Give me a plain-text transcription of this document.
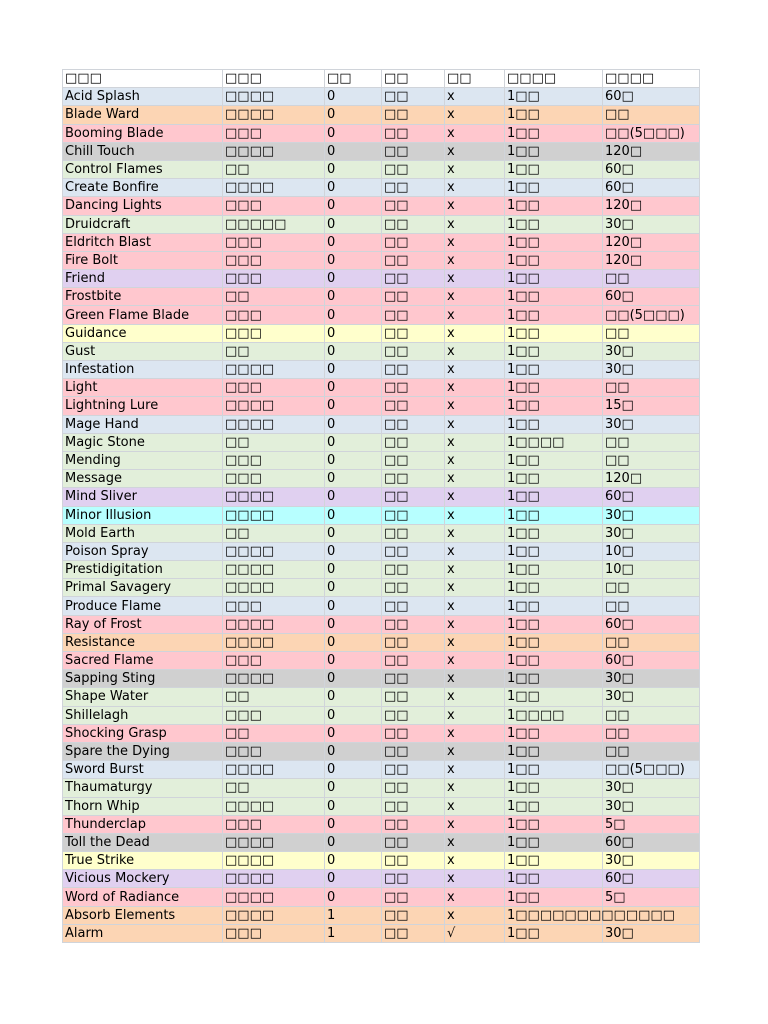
□□□	□□□	□□	□□	□□	□□□□	□□□□
Acid Splash	□□□□	0	□□	x	1□□	60□
Blade Ward	□□□□	0	□□	x	1□□	□□
Booming Blade	□□□	0	□□	x	1□□	□□(5□□□)
Chill Touch	□□□□	0	□□	x	1□□	120□
Control Flames	□□	0	□□	x	1□□	60□
Create Bonfire	□□□□	0	□□	x	1□□	60□
Dancing Lights	□□□	0	□□	x	1□□	120□
Druidcraft	□□□□□	0	□□	x	1□□	30□
Eldritch Blast	□□□	0	□□	x	1□□	120□
Fire Bolt	□□□	0	□□	x	1□□	120□
Friend	□□□	0	□□	x	1□□	□□
Frostbite	□□	0	□□	x	1□□	60□
Green Flame Blade	□□□	0	□□	x	1□□	□□(5□□□)
Guidance	□□□	0	□□	x	1□□	□□
Gust	□□	0	□□	x	1□□	30□
Infestation	□□□□	0	□□	x	1□□	30□
Light	□□□	0	□□	x	1□□	□□
Lightning Lure	□□□□	0	□□	x	1□□	15□
Mage Hand	□□□□	0	□□	x	1□□	30□
Magic Stone	□□	0	□□	x	1□□□□	□□
Mending	□□□	0	□□	x	1□□	□□
Message	□□□	0	□□	x	1□□	120□
Mind Sliver	□□□□	0	□□	x	1□□	60□
Minor Illusion	□□□□	0	□□	x	1□□	30□
Mold Earth	□□	0	□□	x	1□□	30□
Poison Spray	□□□□	0	□□	x	1□□	10□
Prestidigitation	□□□□	0	□□	x	1□□	10□
Primal Savagery	□□□□	0	□□	x	1□□	□□
Produce Flame	□□□	0	□□	x	1□□	□□
Ray of Frost	□□□□	0	□□	x	1□□	60□
Resistance	□□□□	0	□□	x	1□□	□□
Sacred Flame	□□□	0	□□	x	1□□	60□
Sapping Sting	□□□□	0	□□	x	1□□	30□
Shape Water	□□	0	□□	x	1□□	30□
Shillelagh	□□□	0	□□	x	1□□□□	□□
Shocking Grasp	□□	0	□□	x	1□□	□□
Spare the Dying	□□□	0	□□	x	1□□	□□
Sword Burst	□□□□	0	□□	x	1□□	□□(5□□□)
Thaumaturgy	□□	0	□□	x	1□□	30□
Thorn Whip	□□□□	0	□□	x	1□□	30□
Thunderclap	□□□	0	□□	x	1□□	5□
Toll the Dead	□□□□	0	□□	x	1□□	60□
True Strike	□□□□	0	□□	x	1□□	30□
Vicious Mockery	□□□□	0	□□	x	1□□	60□
Word of Radiance	□□□□	0	□□	x	1□□	5□
Absorb Elements	□□□□	1	□□	x	1□□□□□□□□□□□□□	
Alarm	□□□	1	□□	√	1□□	30□
